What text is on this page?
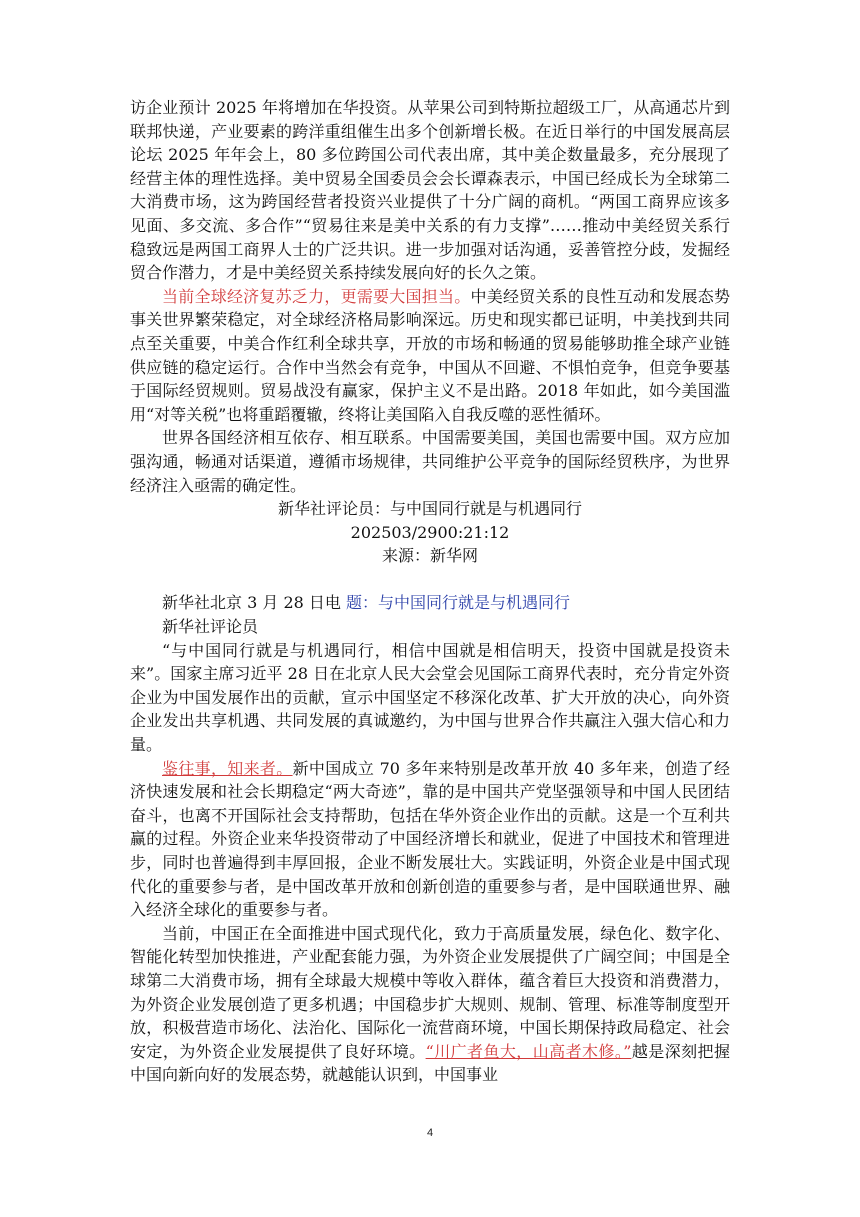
访企业预计 2025 年将增加在华投资。从苹果公司到特斯拉超级工厂，从高通芯片到联邦快递，产业要素的跨洋重组催生出多个创新增长极。在近日举行的中国发展高层论坛 2025 年年会上，80 多位跨国公司代表出席，其中美企数量最多，充分展现了经营主体的理性选择。美中贸易全国委员会会长谭森表示，中国已经成长为全球第二大消费市场，这为跨国经营者投资兴业提供了十分广阔的商机。“两国工商界应该多见面、多交流、多合作”“贸易往来是美中关系的有力支撑”……推动中美经贸关系行稳致远是两国工商界人士的广泛共识。进一步加强对话沟通，妥善管控分歧，发掘经贸合作潜力，才是中美经贸关系持续发展向好的长久之策。

当前全球经济复苏乏力，更需要大国担当。中美经贸关系的良性互动和发展态势事关世界繁荣稳定，对全球经济格局影响深远。历史和现实都已证明，中美找到共同点至关重要，中美合作红利全球共享，开放的市场和畅通的贸易能够助推全球产业链供应链的稳定运行。合作中当然会有竞争，中国从不回避、不惧怕竞争，但竞争要基于国际经贸规则。贸易战没有赢家，保护主义不是出路。2018 年如此，如今美国滥用“对等关税”也将重蹈覆辙，终将让美国陷入自我反噬的恶性循环。

世界各国经济相互依存、相互联系。中国需要美国，美国也需要中国。双方应加强沟通，畅通对话渠道，遵循市场规律，共同维护公平竞争的国际经贸秩序，为世界经济注入亟需的确定性。

新华社评论员：与中国同行就是与机遇同行

202503/2900:21:12

来源：新华网

新华社北京 3 月 28 日电 题：与中国同行就是与机遇同行

新华社评论员

“与中国同行就是与机遇同行，相信中国就是相信明天，投资中国就是投资未来”。国家主席习近平 28 日在北京人民大会堂会见国际工商界代表时，充分肯定外资企业为中国发展作出的贡献，宣示中国坚定不移深化改革、扩大开放的决心，向外资企业发出共享机遇、共同发展的真诚邀约，为中国与世界合作共赢注入强大信心和力量。

鉴往事，知来者。新中国成立 70 多年来特别是改革开放 40 多年来，创造了经济快速发展和社会长期稳定“两大奇迹”，靠的是中国共产党坚强领导和中国人民团结奋斗，也离不开国际社会支持帮助，包括在华外资企业作出的贡献。这是一个互利共赢的过程。外资企业来华投资带动了中国经济增长和就业，促进了中国技术和管理进步，同时也普遍得到丰厚回报，企业不断发展壮大。实践证明，外资企业是中国式现代化的重要参与者，是中国改革开放和创新创造的重要参与者，是中国联通世界、融入经济全球化的重要参与者。

当前，中国正在全面推进中国式现代化，致力于高质量发展，绿色化、数字化、智能化转型加快推进，产业配套能力强，为外资企业发展提供了广阔空间；中国是全球第二大消费市场，拥有全球最大规模中等收入群体，蕴含着巨大投资和消费潜力，为外资企业发展创造了更多机遇；中国稳步扩大规则、规制、管理、标准等制度型开放，积极营造市场化、法治化、国际化一流营商环境，中国长期保持政局稳定、社会安定，为外资企业发展提供了良好环境。“川广者鱼大，山高者木修。”越是深刻把握中国向新向好的发展态势，就越能认识到，中国事业

4
